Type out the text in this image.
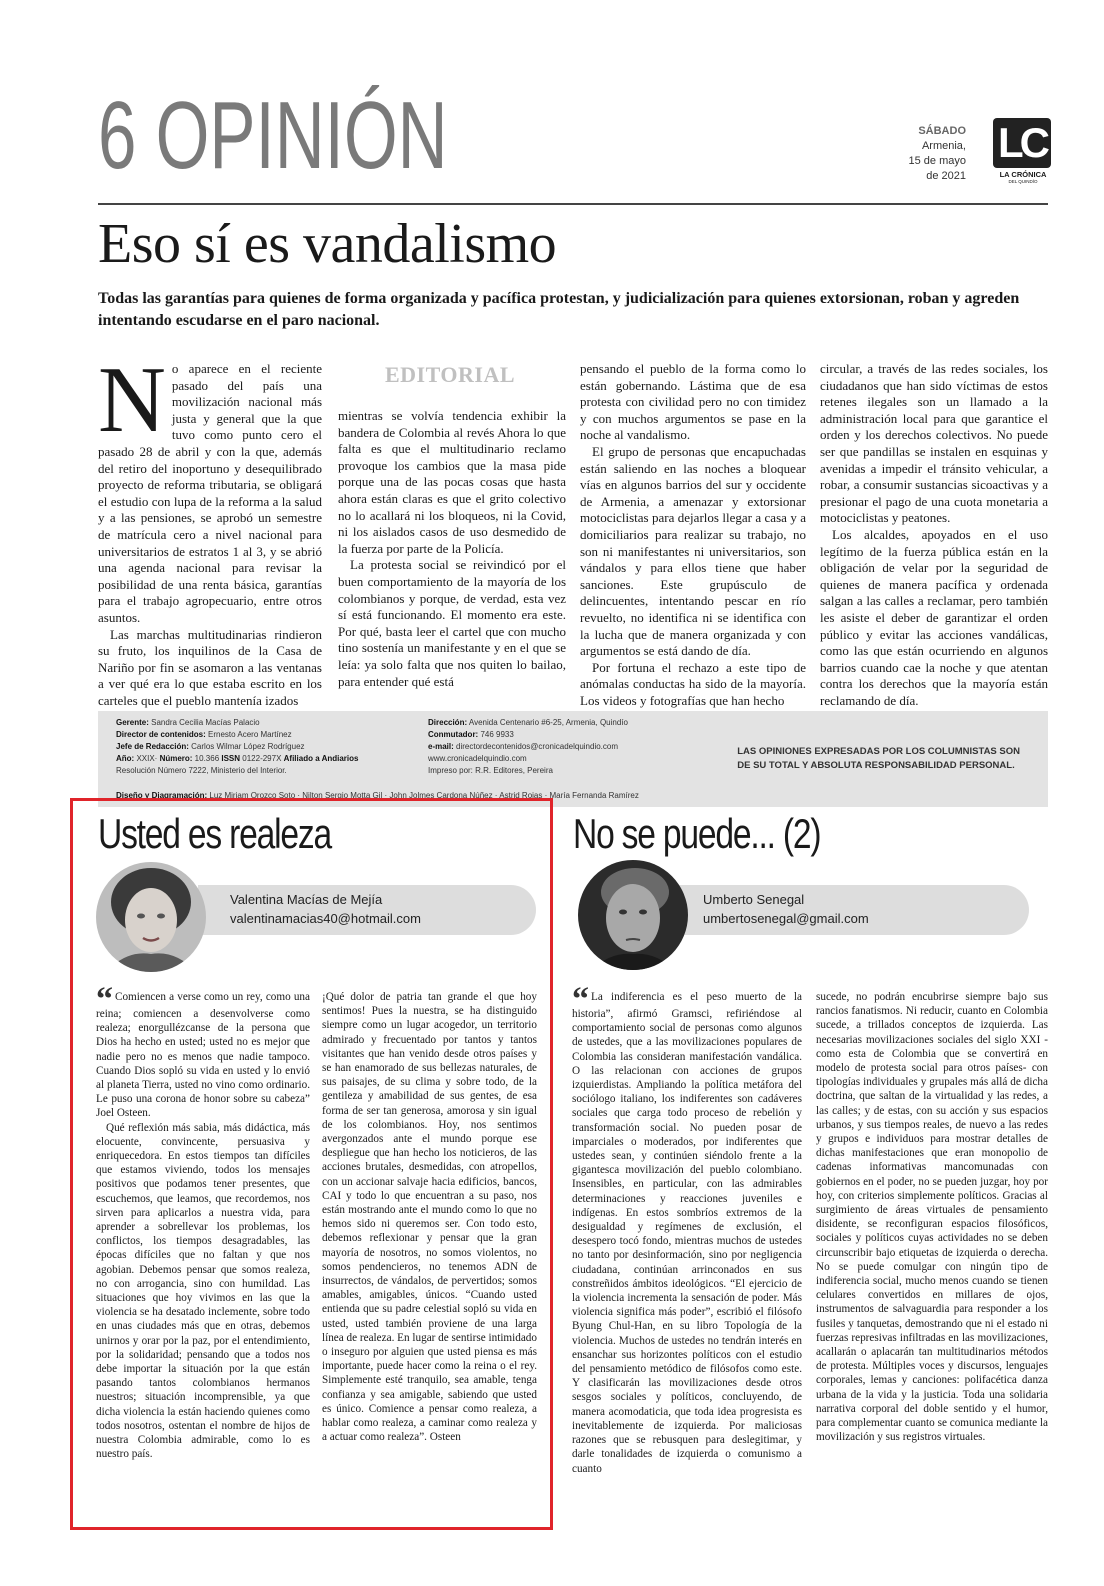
6 OPINIÓN	SÁBADO
Armenia,
15 de mayo
de 2021
LC
LA CRÓNICA
DEL QUINDÍO
Eso sí es vandalismo
Todas las garantías para quienes de forma organizada y pacífica protestan, y judicialización para quienes extorsionan, roban y agreden intentando escudarse en el paro nacional.
EDITORIAL

No aparece en el reciente pasado del país una movilización nacional más justa y general que la que tuvo como punto cero el pasado 28 de abril y con la que, además del retiro del inoportuno y desequilibrado proyecto de reforma tributaria, se obligará el estudio con lupa de la reforma a la salud y a las pensiones, se aprobó un semestre de matrícula cero a nivel nacional para universitarios de estratos 1 al 3, y se abrió una agenda nacional para revisar la posibilidad de una renta básica, garantías para el trabajo agropecuario, entre otros asuntos.

Las marchas multitudinarias rindieron su fruto, los inquilinos de la Casa de Nariño por fin se asomaron a las ventanas a ver qué era lo que estaba escrito en los carteles que el pueblo mantenía izados

mientras se volvía tendencia exhibir la bandera de Colombia al revés Ahora lo que falta es que el multitudinario reclamo provoque los cambios que la masa pide porque una de las pocas cosas que hasta ahora están claras es que el grito colectivo no lo acallará ni los bloqueos, ni la Covid, ni los aislados casos de uso desmedido de la fuerza por parte de la Policía.

La protesta social se reivindicó por el buen comportamiento de la mayoría de los colombianos y porque, de verdad, esta vez sí está funcionando. El momento era este. Por qué, basta leer el cartel que con mucho tino sostenía un manifestante y en el que se leía: ya solo falta que nos quiten lo bailao, para entender qué está

pensando el pueblo de la forma como lo están gobernando. Lástima que de esa protesta con civilidad pero no con timidez y con muchos argumentos se pase en la noche al vandalismo.

El grupo de personas que encapuchadas están saliendo en las noches a bloquear vías en algunos barrios del sur y occidente de Armenia, a amenazar y extorsionar motociclistas para dejarlos llegar a casa y a domiciliarios para realizar su trabajo, no son ni manifestantes ni universitarios, son vándalos y para ellos tiene que haber sanciones. Este grupúsculo de delincuentes, intentando pescar en río revuelto, no identifica ni se identifica con la lucha que de manera organizada y con argumentos se está dando de día.

Por fortuna el rechazo a este tipo de anómalas conductas ha sido de la mayoría. Los videos y fotografías que han hecho

circular, a través de las redes sociales, los ciudadanos que han sido víctimas de estos retenes ilegales son un llamado a la administración local para que garantice el orden y los derechos colectivos. No puede ser que pandillas se instalen en esquinas y avenidas a impedir el tránsito vehicular, a robar, a consumir sustancias sicoactivas y a presionar el pago de una cuota monetaria a motociclistas y peatones.

Los alcaldes, apoyados en el uso legítimo de la fuerza pública están en la obligación de velar por la seguridad de quienes de manera pacífica y ordenada salgan a las calles a reclamar, pero también les asiste el deber de garantizar el orden público y evitar las acciones vandálicas, como las que están ocurriendo en algunos barrios cuando cae la noche y que atentan contra los derechos que la mayoría están reclamando de día.

Gerente: Sandra Cecilia Macías Palacio
Director de contenidos: Ernesto Acero Martínez
Jefe de Redacción: Carlos Wilmar López Rodríguez
Año: XXIX· Número: 10.366 ISSN 0122-297X Afiliado a Andiarios
Resolución Número 7222, Ministerio del Interior.
Dirección: Avenida Centenario #6-25, Armenia, Quindío
Conmutador: 746 9933
e-mail: directordecontenidos@cronicadelquindio.com
www.cronicadelquindio.com
Impreso por: R.R. Editores, Pereira
LAS OPINIONES EXPRESADAS POR LOS COLUMNISTAS SON
DE SU TOTAL Y ABSOLUTA RESPONSABILIDAD PERSONAL.
Diseño y Diagramación: Luz Miriam Orozco Soto · Nilton Sergio Motta Gil · John Jolmes Cardona Núñez · Astrid Rojas · María Fernanda Ramírez
Usted es realeza
Valentina Macías de Mejía
valentinamacias40@hotmail.com

“ Comiencen a verse como un rey, como una reina; comiencen a desenvolverse como realeza; enorgullézcanse de la persona que Dios ha hecho en usted; usted no es mejor que nadie pero no es menos que nadie tampoco. Cuando Dios sopló su vida en usted y lo envió al planeta Tierra, usted no vino como ordinario. Le puso una corona de honor sobre su cabeza” Joel Osteen.

Qué reflexión más sabia, más didáctica, más elocuente, convincente, persuasiva y enriquecedora. En estos tiempos tan difíciles que estamos viviendo, todos los mensajes positivos que podamos tener presentes, que escuchemos, que leamos, que recordemos, nos sirven para aplicarlos a nuestra vida, para aprender a sobrellevar los problemas, los conflictos, los tiempos desagradables, las épocas difíciles que no faltan y que nos agobian. Debemos pensar que somos realeza, no con arrogancia, sino con humildad. Las situaciones que hoy vivimos en las que la violencia se ha desatado inclemente, sobre todo en unas ciudades más que en otras, debemos unirnos y orar por la paz, por el entendimiento, por la solidaridad; pensando que a todos nos debe importar la situación por la que están pasando tantos colombianos hermanos nuestros; situación incomprensible, ya que dicha violencia la están haciendo quienes como todos nosotros, ostentan el nombre de hijos de nuestra Colombia admirable, como lo es nuestro país.

¡Qué dolor de patria tan grande el que hoy sentimos! Pues la nuestra, se ha distinguido siempre como un lugar acogedor, un territorio admirado y frecuentado por tantos y tantos visitantes que han venido desde otros países y se han enamorado de sus bellezas naturales, de sus paisajes, de su clima y sobre todo, de la gentileza y amabilidad de sus gentes, de esa forma de ser tan generosa, amorosa y sin igual de los colombianos. Hoy, nos sentimos avergonzados ante el mundo porque ese despliegue que han hecho los noticieros, de las acciones brutales, desmedidas, con atropellos, con un accionar salvaje hacia edificios, bancos, CAI y todo lo que encuentran a su paso, nos están mostrando ante el mundo como lo que no hemos sido ni queremos ser. Con todo esto, debemos reflexionar y pensar que la gran mayoría de nosotros, no somos violentos, no somos pendencieros, no tenemos ADN de insurrectos, de vándalos, de pervertidos; somos amables, amigables, únicos. “Cuando usted entienda que su padre celestial sopló su vida en usted, usted también proviene de una larga línea de realeza. En lugar de sentirse intimidado o inseguro por alguien que usted piensa es más importante, puede hacer como la reina o el rey. Simplemente esté tranquilo, sea amable, tenga confianza y sea amigable, sabiendo que usted es único. Comience a pensar como realeza, a hablar como realeza, a caminar como realeza y a actuar como realeza”. Osteen

No se puede... (2)
Umberto Senegal
umbertosenegal@gmail.com

“ La indiferencia es el peso muerto de la historia”, afirmó Gramsci, refiriéndose al comportamiento social de personas como algunos de ustedes, que a las movilizaciones populares de Colombia las consideran manifestación vandálica. O las relacionan con acciones de grupos izquierdistas. Ampliando la política metáfora del sociólogo italiano, los indiferentes son cadáveres sociales que carga todo proceso de rebelión y transformación social. No pueden posar de imparciales o moderados, por indiferentes que ustedes sean, y continúen siéndolo frente a la gigantesca movilización del pueblo colombiano. Insensibles, en particular, con las admirables determinaciones y reacciones juveniles e indígenas. En estos sombríos extremos de la desigualdad y regímenes de exclusión, el desespero tocó fondo, mientras muchos de ustedes no tanto por desinformación, sino por negligencia ciudadana, continúan arrinconados en sus constreñidos ámbitos ideológicos. “El ejercicio de la violencia incrementa la sensación de poder. Más violencia significa más poder”, escribió el filósofo Byung Chul-Han, en su libro Topología de la violencia. Muchos de ustedes no tendrán interés en ensanchar sus horizontes políticos con el estudio del pensamiento metódico de filósofos como este. Y clasificarán las movilizaciones desde otros sesgos sociales y políticos, concluyendo, de manera acomodaticia, que toda idea progresista es inevitablemente de izquierda. Por maliciosas razones que se rebusquen para deslegitimar, y darle tonalidades de izquierda o comunismo a cuanto

sucede, no podrán encubrirse siempre bajo sus rancios fanatismos. Ni reducir, cuanto en Colombia sucede, a trillados conceptos de izquierda. Las necesarias movilizaciones sociales del siglo XXI -como esta de Colombia que se convertirá en modelo de protesta social para otros países- con tipologías individuales y grupales más allá de dicha doctrina, que saltan de la virtualidad y las redes, a las calles; y de estas, con su acción y sus espacios urbanos, y sus tiempos reales, de nuevo a las redes y grupos e individuos para mostrar detalles de dichas manifestaciones que eran monopolio de cadenas informativas mancomunadas con gobiernos en el poder, no se pueden juzgar, hoy por hoy, con criterios simplemente políticos. Gracias al surgimiento de áreas virtuales de pensamiento disidente, se reconfiguran espacios filosóficos, sociales y políticos cuyas actividades no se deben circunscribir bajo etiquetas de izquierda o derecha. No se puede comulgar con ningún tipo de indiferencia social, mucho menos cuando se tienen celulares convertidos en millares de ojos, instrumentos de salvaguardia para responder a los fusiles y tanquetas, demostrando que ni el estado ni fuerzas represivas infiltradas en las movilizaciones, acallarán o aplacarán tan multitudinarios métodos de protesta. Múltiples voces y discursos, lenguajes corporales, lemas y canciones: polifacética danza urbana de la vida y la justicia. Toda una solidaria narrativa corporal del doble sentido y el humor, para complementar cuanto se comunica mediante la movilización y sus registros virtuales.
